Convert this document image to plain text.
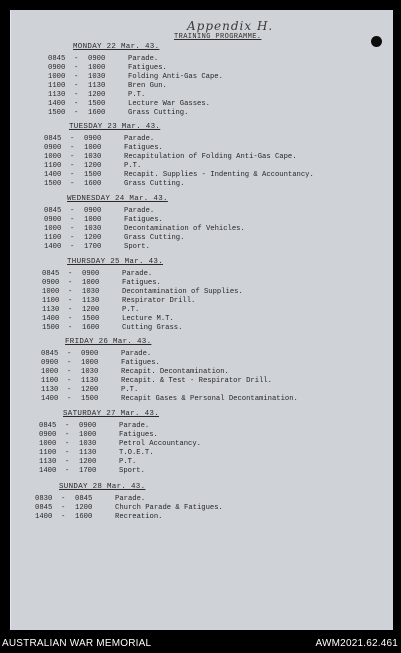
Appendix H.
TRAINING PROGRAMME.
MONDAY 22 Mar. 43.
0845 - 0900	Parade.
0900 - 1000	Fatigues.
1000 - 1030	Folding Anti-Gas Cape.
1100 - 1130	Bren Gun.
1130 - 1200	P.T.
1400 - 1500	Lecture War Gasses.
1500 - 1600	Grass Cutting.
TUESDAY 23 Mar. 43.
0845 - 0900	Parade.
0900 - 1000	Fatigues.
1000 - 1030	Recapitulation of Folding Anti-Gas Cape.
1100 - 1200	P.T.
1400 - 1500	Recapit. Supplies - Indenting & Accountancy.
1500 - 1600	Grass Cutting.
WEDNESDAY 24 Mar. 43.
0845 - 0900	Parade.
0900 - 1000	Fatigues.
1000 - 1030	Decontamination of Vehicles.
1100 - 1200	Grass Cutting.
1400 - 1700	Sport.
THURSDAY 25 Mar. 43.
0845 - 0900	Parade.
0900 - 1000	Fatigues.
1000 - 1030	Decontamination of Supplies.
1100 - 1130	Respirator Drill.
1130 - 1200	P.T.
1400 - 1500	Lecture M.T.
1500 - 1600	Cutting Grass.
FRIDAY 26 Mar. 43.
0845 - 0900	Parade.
0900 - 1000	Fatigues.
1000 - 1030	Recapit. Decontamination.
1100 - 1130	Recapit. & Test - Respirator Drill.
1130 - 1200	P.T.
1400 - 1500	Recapit Gases & Personal Decontamination.
SATURDAY 27 Mar. 43.
0845 - 0900	Parade.
0900 - 1000	Fatigues.
1000 - 1030	Petrol Accountancy.
1100 - 1130	T.O.E.T.
1130 - 1200	P.T.
1400 - 1700	Sport.
SUNDAY 28 Mar. 43.
0830 - 0845	Parade.
0845 - 1200	Church Parade & Fatigues.
1400 - 1600	Recreation.
AUSTRALIAN WAR MEMORIAL	AWM2021.62.461
